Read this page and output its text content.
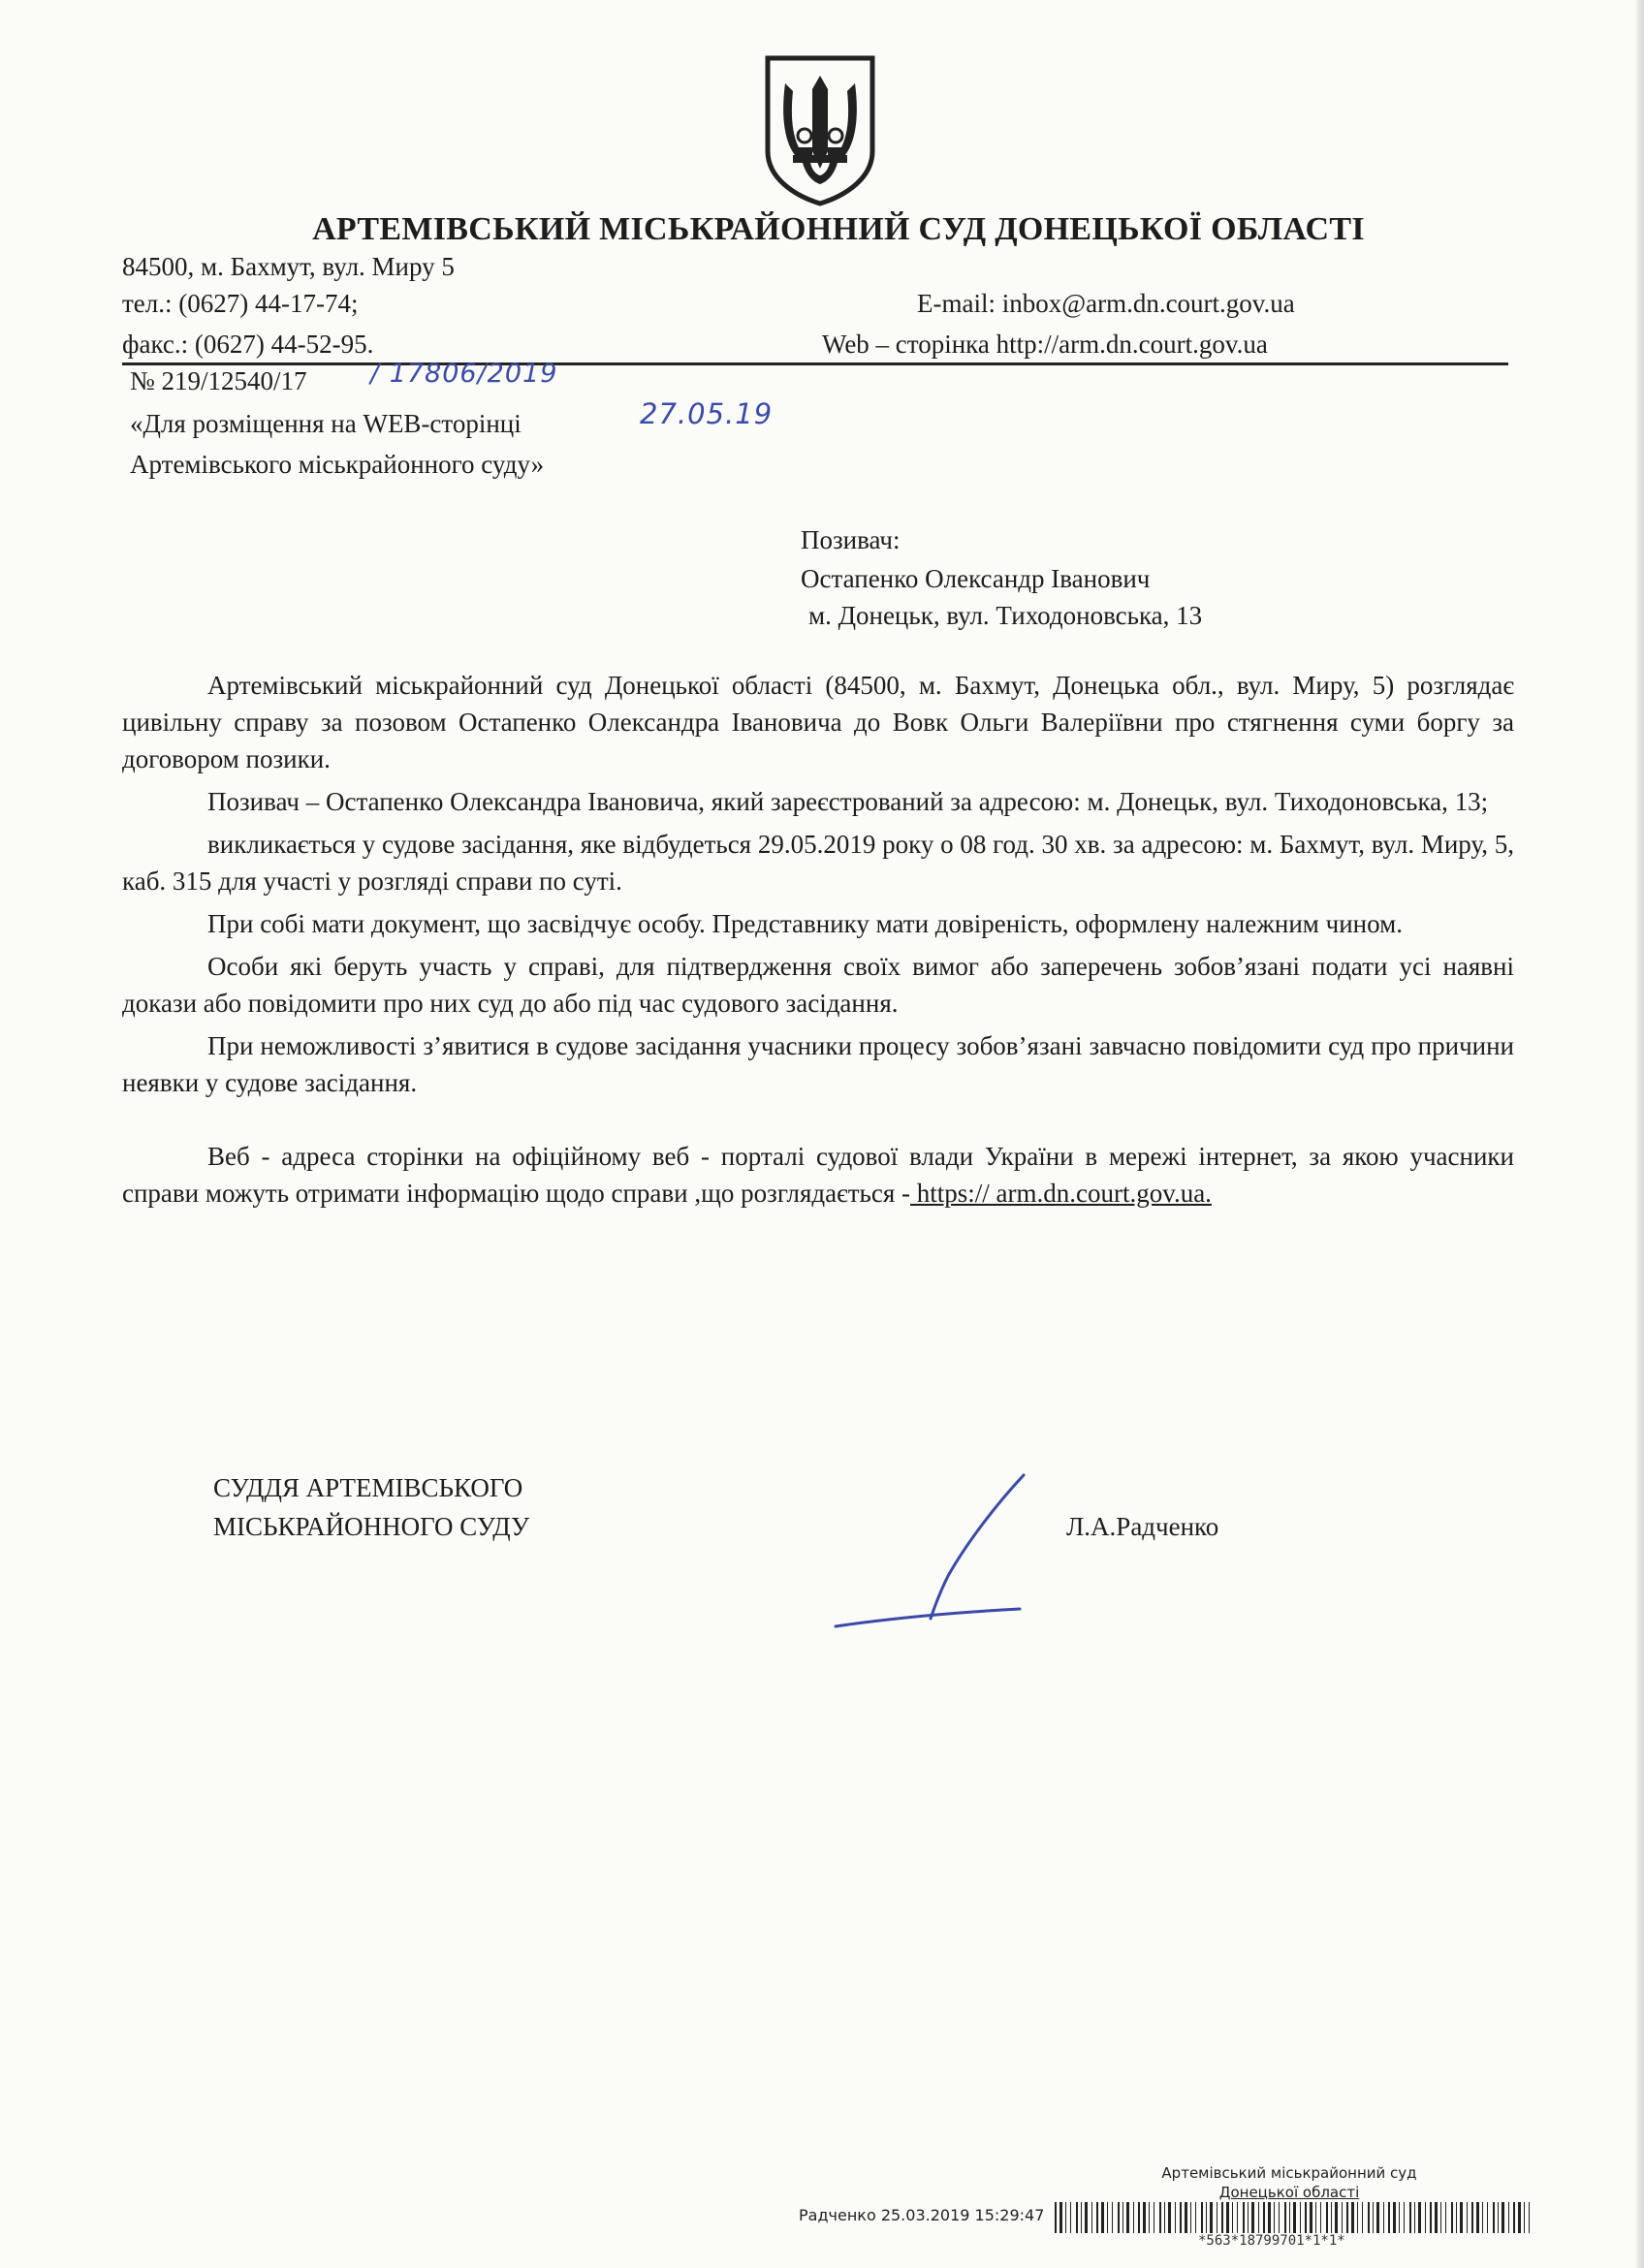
АРТЕМІВСЬКИЙ МІСЬКРАЙОННИЙ СУД ДОНЕЦЬКОЇ ОБЛАСТІ
84500, м. Бахмут, вул. Миру 5
тел.: (0627) 44-17-74;	E-mail: inbox@arm.dn.court.gov.ua
факс.: (0627) 44-52-95.	Web – сторінка http://arm.dn.court.gov.ua
№ 219/12540/17 / 17806/2019
«Для розміщення на WEB-сторінці	27.05.19
Артемівського міськрайонного суду»
Позивач:
Остапенко Олександр Іванович
м. Донецьк, вул. Тиходоновська, 13

Артемівський міськрайонний суд Донецької області (84500, м. Бахмут, Донецька обл., вул. Миру, 5) розглядає цивільну справу за позовом Остапенко Олександра Івановича до Вовк Ольги Валеріївни про стягнення суми боргу за договором позики.

Позивач – Остапенко Олександра Івановича, який зареєстрований за адресою: м. Донецьк, вул. Тиходоновська, 13;

викликається у судове засідання, яке відбудеться 29.05.2019 року о 08 год. 30 хв. за адресою: м. Бахмут, вул. Миру, 5, каб. 315 для участі у розгляді справи по суті.

При собі мати документ, що засвідчує особу. Представнику мати довіреність, оформлену належним чином.

Особи які беруть участь у справі, для підтвердження своїх вимог або заперечень зобов’язані подати усі наявні докази або повідомити про них суд до або під час судового засідання.

При неможливості з’явитися в судове засідання учасники процесу зобов’язані завчасно повідомити суд про причини неявки у судове засідання.

Веб - адреса сторінки на офіційному веб - порталі судової влади України в мережі інтернет, за якою учасники справи можуть отримати інформацію щодо справи ,що розглядається - https:// arm.dn.court.gov.ua.

СУДДЯ АРТЕМІВСЬКОГО
МІСЬКРАЙОННОГО СУДУ	Л.А.Радченко
Артемівський міськрайонний суд
Донецької області
Радченко 25.03.2019 15:29:47
*563*18799701*1*1*
